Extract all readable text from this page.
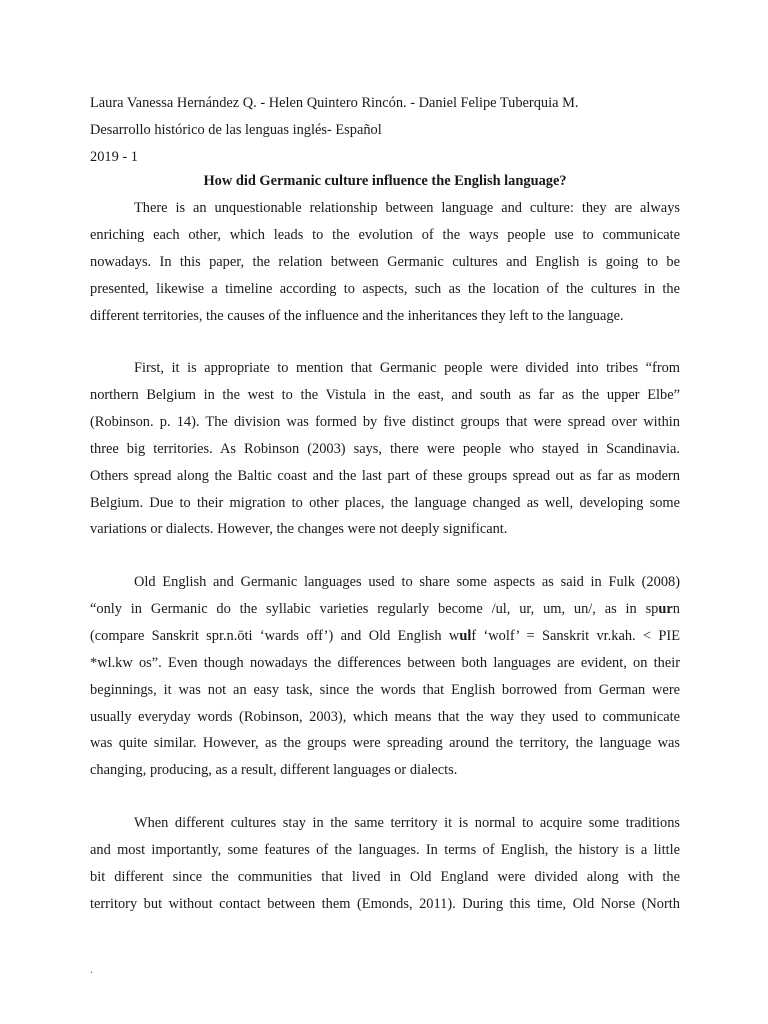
Laura Vanessa Hernández Q. - Helen Quintero Rincón. - Daniel Felipe Tuberquia M.
Desarrollo histórico de las lenguas inglés- Español
2019 - 1
How did Germanic culture influence the English language?
There is an unquestionable relationship between language and culture: they are always
enriching each other, which leads to the evolution of the ways people use to communicate
nowadays. In this paper, the relation between Germanic cultures and English is going to be
presented, likewise a timeline according to aspects, such as the location of the cultures in the
different territories, the causes of the influence and the inheritances they left to the language.
First, it is appropriate to mention that Germanic people were divided into tribes “from
northern Belgium in the west to the Vistula in the east, and south as far as the upper Elbe”
(Robinson. p. 14). The division was formed by five distinct groups that were spread over within
three big territories. As Robinson (2003) says, there were people who stayed in Scandinavia.
Others spread along the Baltic coast and the last part of these groups spread out as far as modern
Belgium. Due to their migration to other places, the language changed as well, developing some
variations or dialects. However, the changes were not deeply significant.
Old English and Germanic languages used to share some aspects as said in Fulk (2008)
“only in Germanic do the syllabic varieties regularly become /ul, ur, um, un/, as in spurn
(compare Sanskrit spr.n.ōti ‘wards off’) and Old English wulf ‘wolf’ = Sanskrit vr.kah. < PIE
*wl.kw os”. Even though nowadays the differences between both languages are evident, on their
beginnings, it was not an easy task, since the words that English borrowed from German were
usually everyday words (Robinson, 2003), which means that the way they used to communicate
was quite similar. However, as the groups were spreading around the territory, the language was
changing, producing, as a result, different languages or dialects.
When different cultures stay in the same territory it is normal to acquire some traditions
and most importantly, some features of the languages. In terms of English, the history is a little
bit different since the communities that lived in Old England were divided along with the
territory but without contact between them (Emonds, 2011). During this time, Old Norse (North
.
